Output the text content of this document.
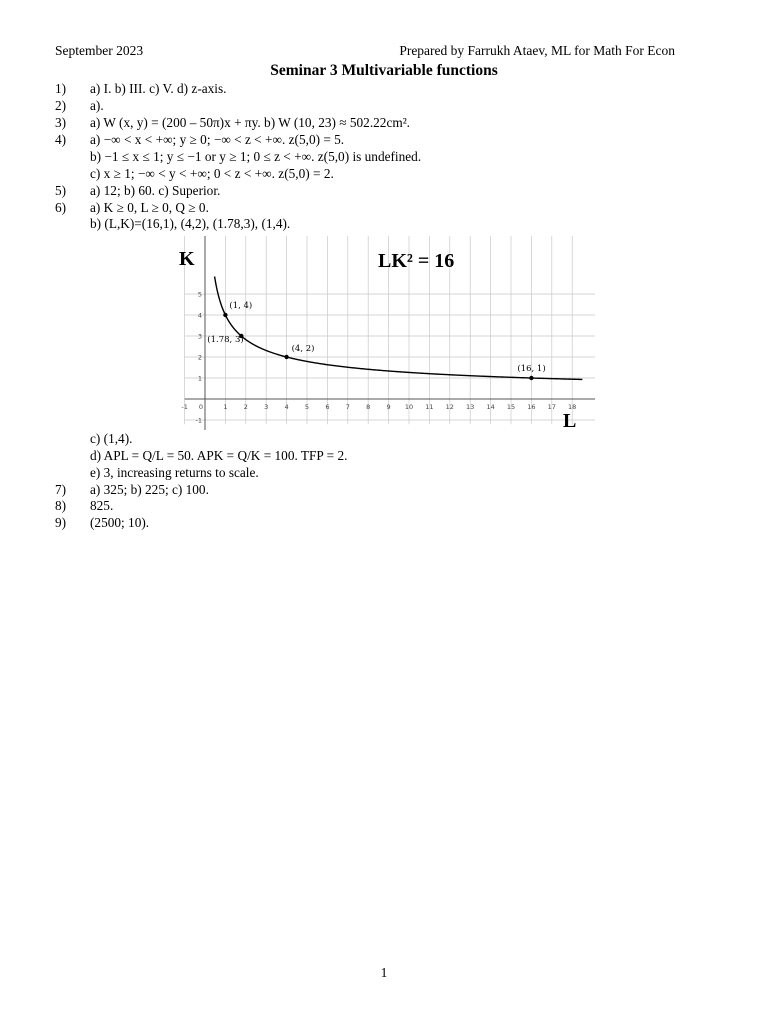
September 2023	Prepared by Farrukh Ataev, ML for Math For Econ
Seminar 3 Multivariable functions
1) a) I. b) III. c) V. d) z-axis.
2) a).
3) a) W (x, y) = (200 – 50π)x + πy. b) W (10, 23) ≈ 502.22cm².
4) a) −∞ < x < +∞; y ≥ 0; −∞ < z < +∞. z(5,0) = 5.
b) −1 ≤ x ≤ 1; y ≤ −1 or y ≥ 1; 0 ≤ z < +∞. z(5,0) is undefined.
c) x ≥ 1; −∞ < y < +∞; 0 < z < +∞. z(5,0) = 2.
5) a) 12; b) 60. c) Superior.
6) a) K ≥ 0, L ≥ 0, Q ≥ 0.
b) (L,K)=(16,1), (4,2), (1.78,3), (1,4).
-1	1	2	3	4	5	6	7	8	9 10 11 12 13 14 15 16 17 18
0
-1
1
2
3
4
5
(1, 4)
(1.78, 3)
(4, 2)
(16, 1)
LK² = 16
K
L
c) (1,4).
d) APL = Q/L = 50. APK = Q/K = 100. TFP = 2.
e) 3, increasing returns to scale.
7) a) 325; b) 225; c) 100.
8) 825.
9) (2500; 10).
1
